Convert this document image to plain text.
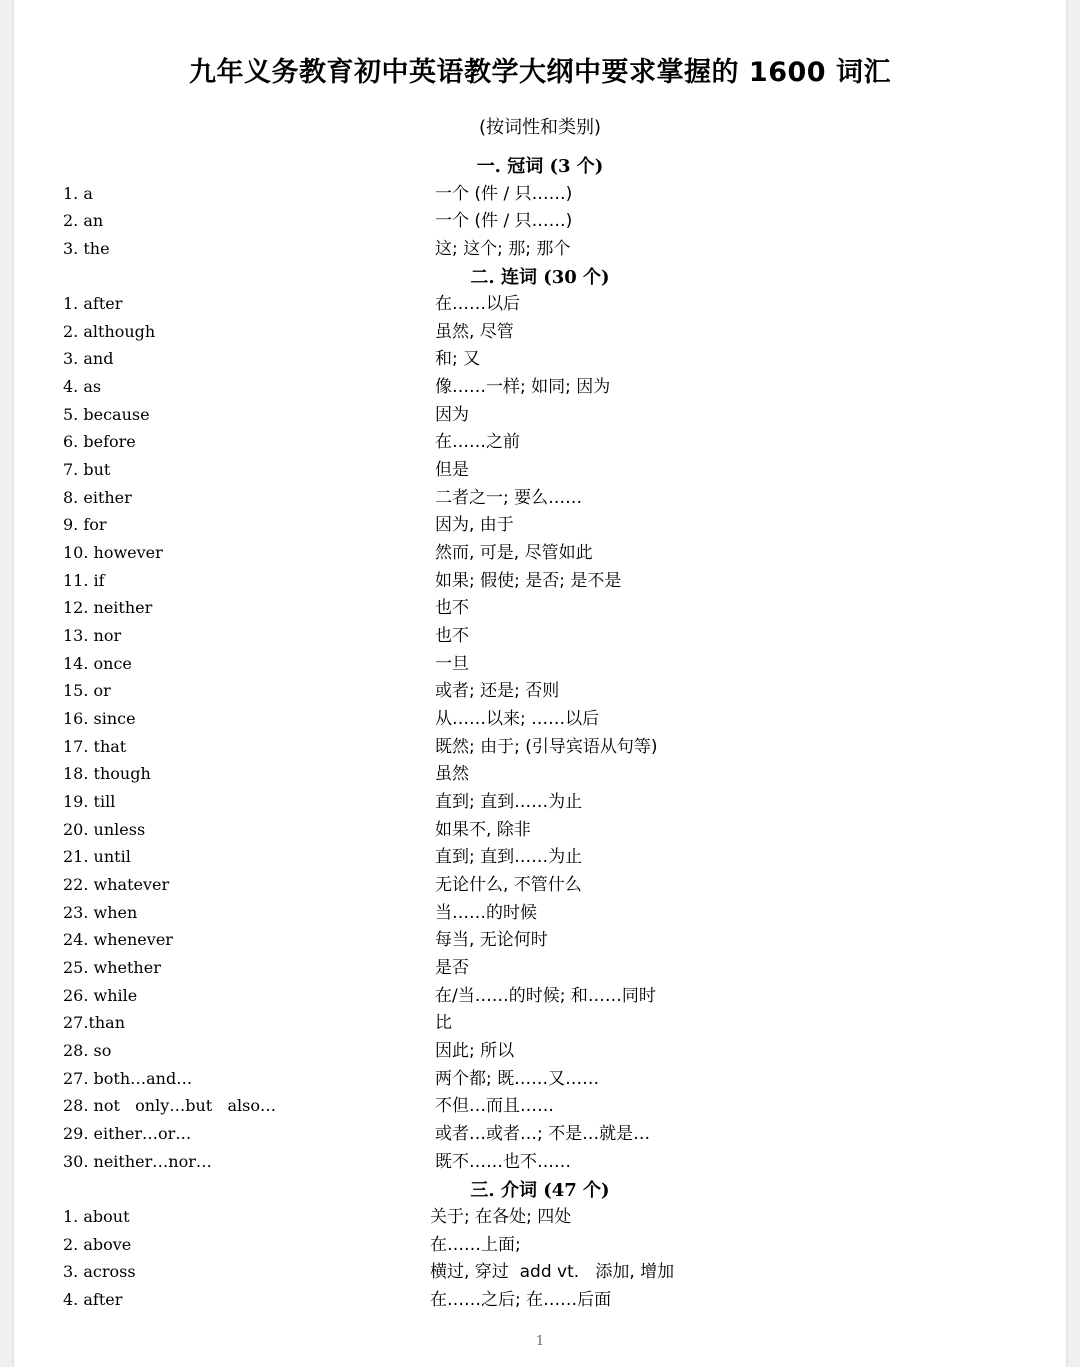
九年义务教育初中英语教学大纲中要求掌握的 1600 词汇
(按词性和类别)
一. 冠词 (3 个)
1. a	一个 (件 / 只……)
2. an	一个 (件 / 只……)
3. the	这; 这个; 那; 那个
二. 连词 (30 个)
1. after	在……以后
2. although	虽然, 尽管
3. and	和; 又
4. as	像……一样; 如同; 因为
5. because	因为
6. before	在……之前
7. but	但是
8. either	二者之一; 要么……
9. for	因为, 由于
10. however	然而, 可是, 尽管如此
11. if	如果; 假使; 是否; 是不是
12. neither	也不
13. nor	也不
14. once	一旦
15. or	或者; 还是; 否则
16. since	从……以来; ……以后
17. that	既然; 由于; (引导宾语从句等)
18. though	虽然
19. till	直到; 直到……为止
20. unless	如果不, 除非
21. until	直到; 直到……为止
22. whatever	无论什么, 不管什么
23. when	当……的时候
24. whenever	每当, 无论何时
25. whether	是否
26. while	在/当……的时候; 和……同时
27.than	比
28. so	因此; 所以
27. both…and…	两个都; 既……又……
28. not   only…but   also…	不但…而且……
29. either…or…	或者…或者…; 不是…就是…
30. neither…nor…	既不……也不……
三. 介词 (47 个)
1. about	关于; 在各处; 四处
2. above	在……上面;
3. across	横过, 穿过  add vt.   添加, 增加
4. after	在……之后; 在……后面
1
